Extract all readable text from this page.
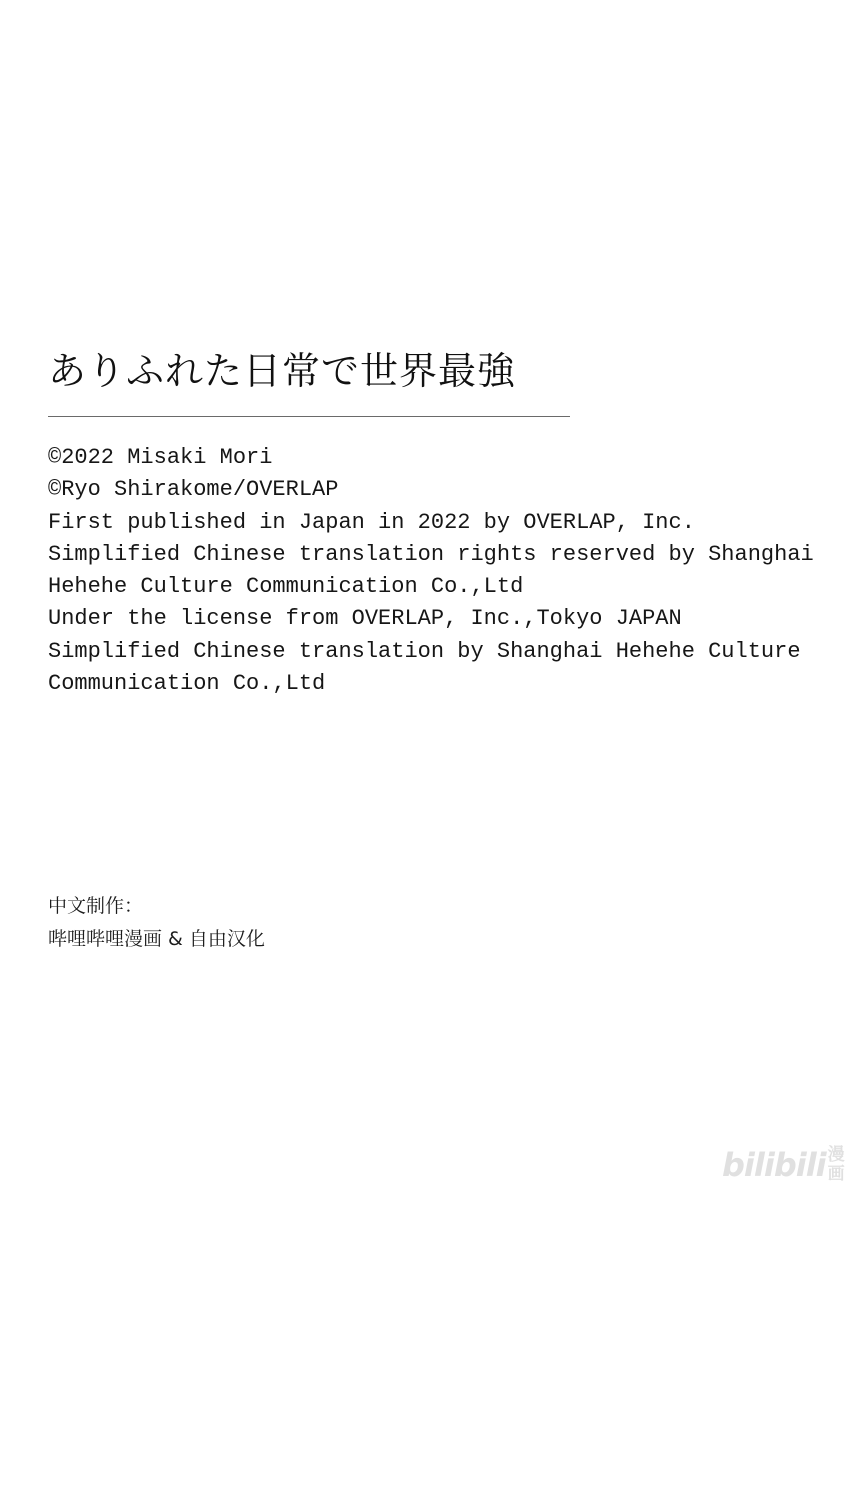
ありふれた日常で世界最強
©2022 Misaki Mori
©Ryo Shirakome/OVERLAP
First published in Japan in 2022 by OVERLAP, Inc.
Simplified Chinese translation rights reserved by Shanghai
Hehehe Culture Communication Co.,Ltd
Under the license from OVERLAP, Inc.,Tokyo JAPAN
Simplified Chinese translation by Shanghai Hehehe Culture
Communication Co.,Ltd
中文制作：
哔哩哔哩漫画 & 自由汉化
bilibili 漫
画
